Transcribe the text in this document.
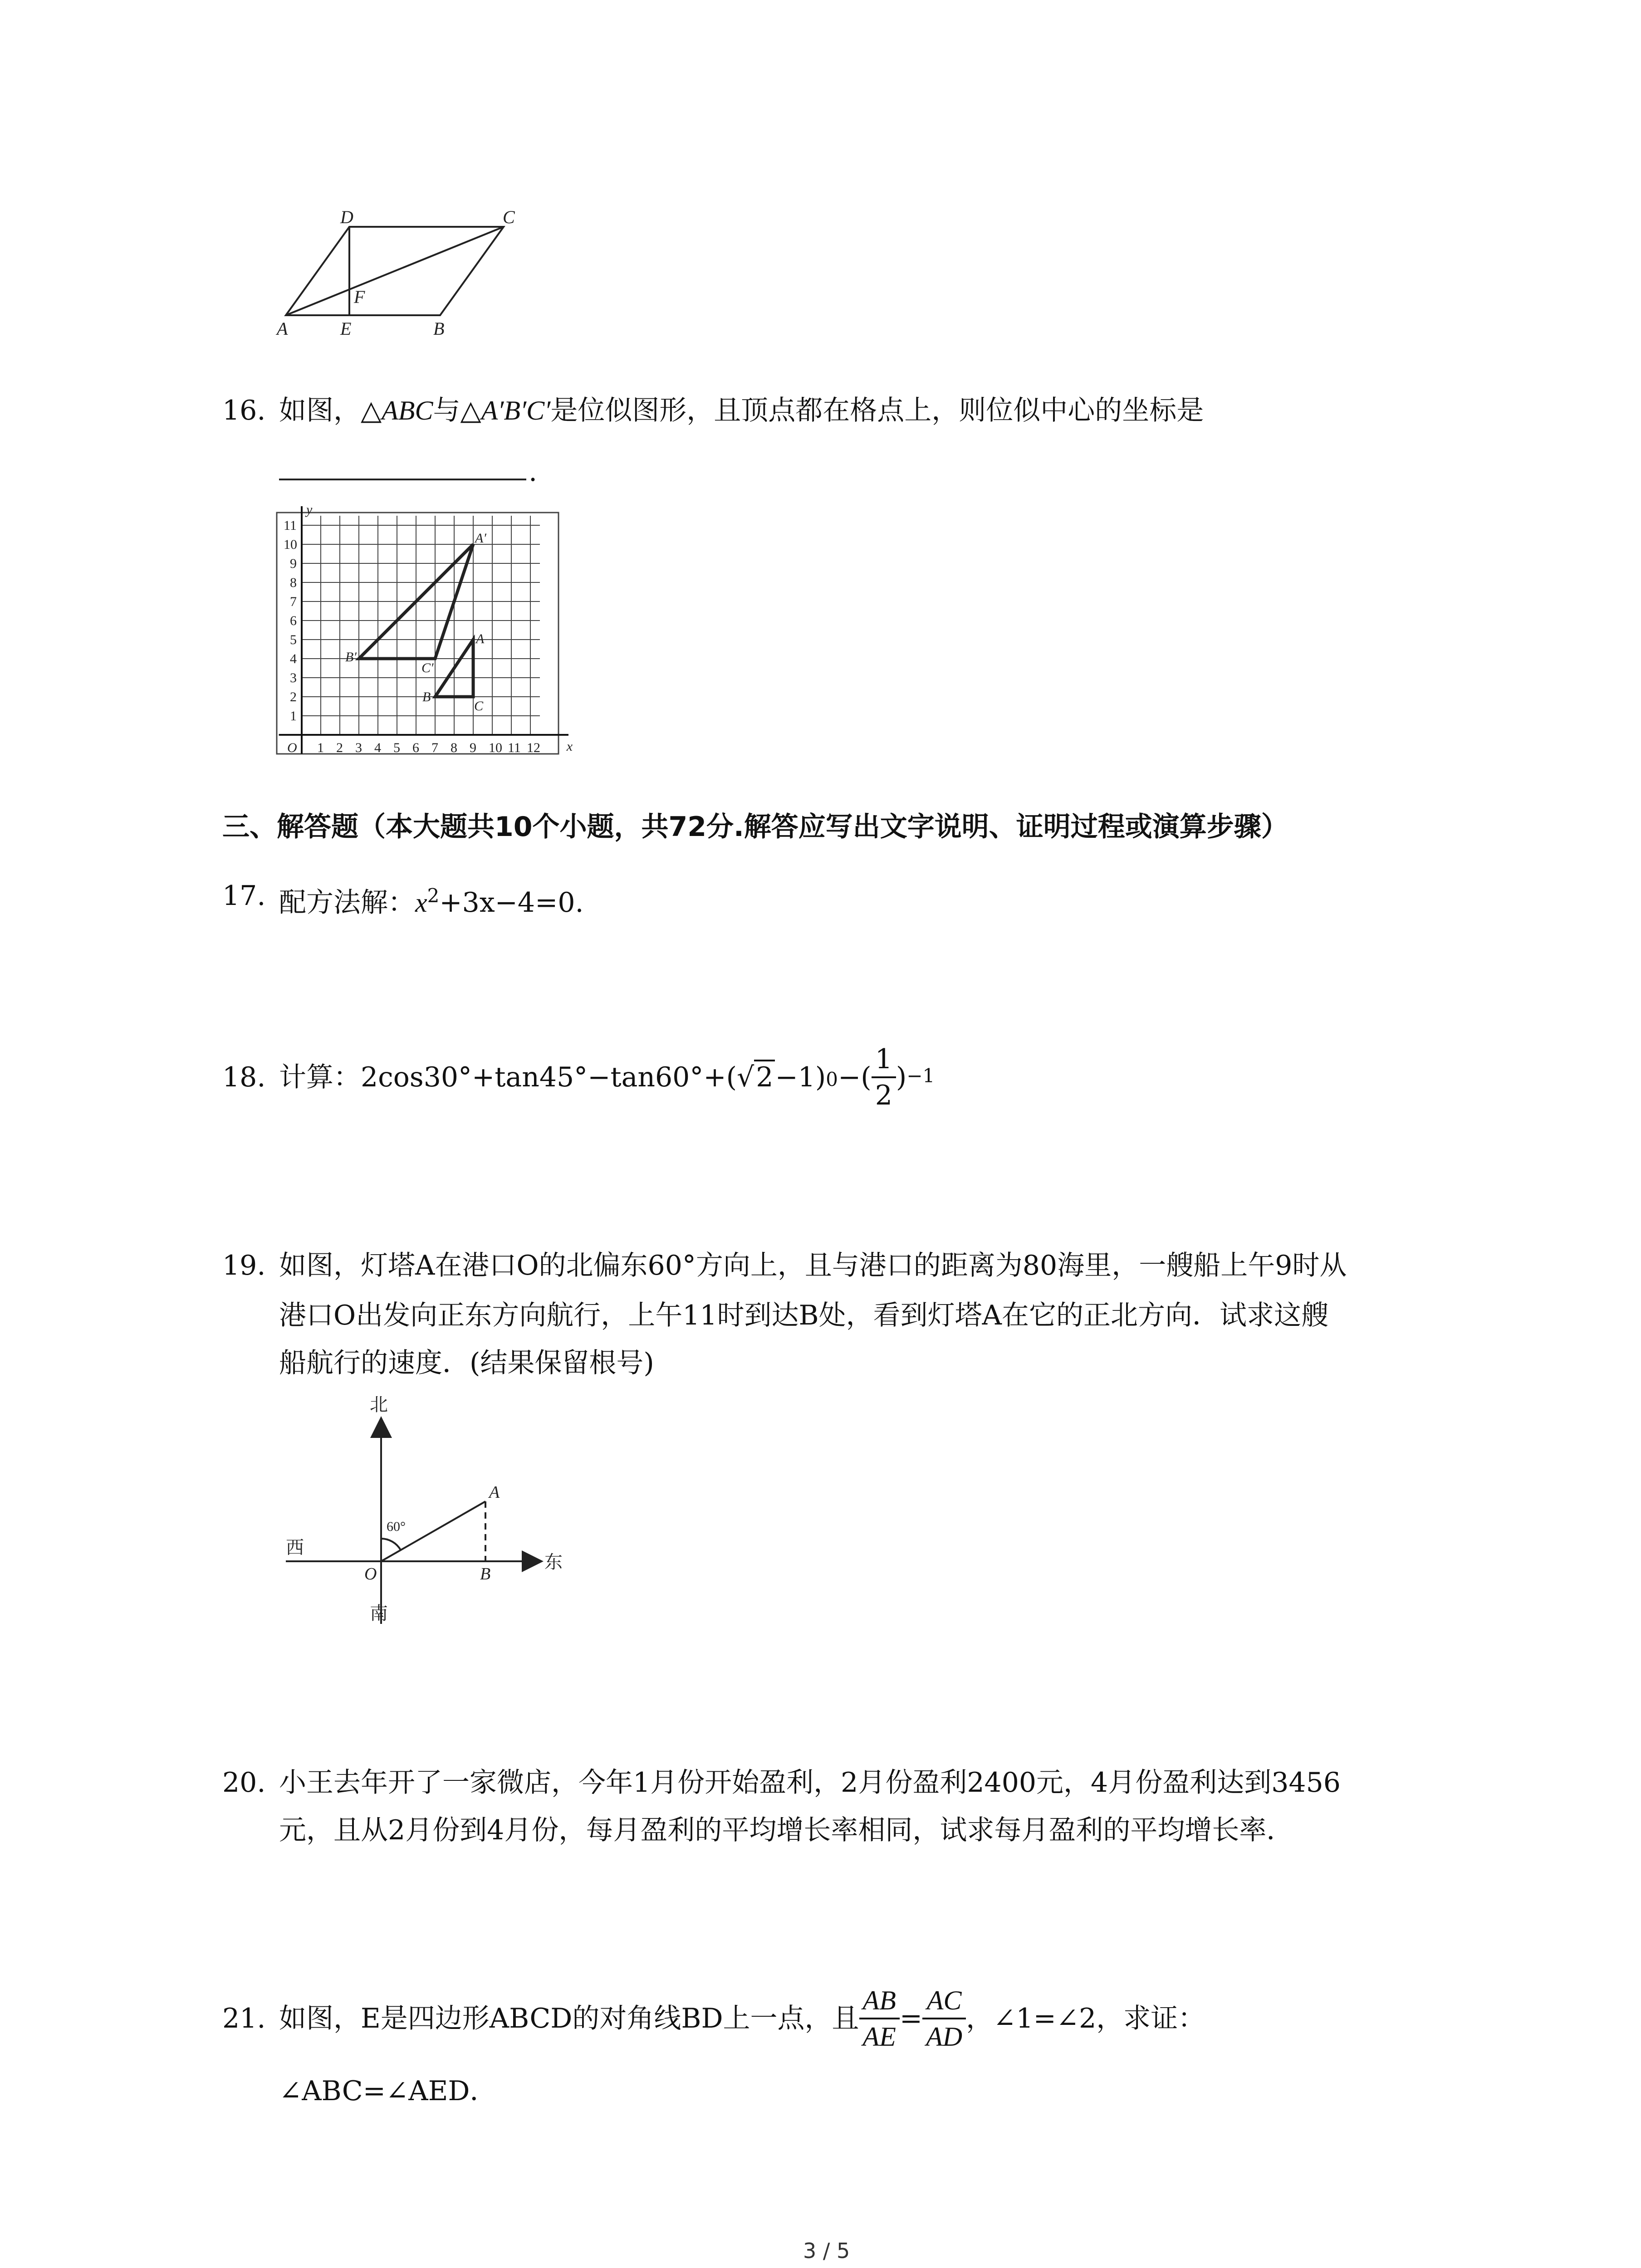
D	C
F
A	E	B
16. 如图，△ABC与△A′B′C′是位似图形，且顶点都在格点上，则位似中心的坐标是
.
1 2 3 4 5 6 7 8 9 10 11 12
1
2
3
4
5
6
7
8
9
10
11
O
y
x
A′
B′
C′
A
B
C
三、解答题（本大题共10个小题，共72分.解答应写出文字说明、证明过程或演算步骤）
17. 配方法解：$x^2+3x-4=0$.
18. 计算： 2cos30°+tan45°−tan60°+( √2 −1) 0 −( $\frac{1}{2}$ ) −1
19. 如图，灯塔A在港口O的北偏东60°方向上，且与港口的距离为80海里，一艘船上午9时从
港口O出发向正东方向航行，上午11时到达B处，看到灯塔A在它的正北方向．试求这艘
船航行的速度．(结果保留根号)
北
南
西
东
60°
A
O	B
20. 小王去年开了一家微店，今年1月份开始盈利，2月份盈利2400元，4月份盈利达到3456
元，且从2月份到4月份，每月盈利的平均增长率相同，试求每月盈利的平均增长率．
21. 如图，E是四边形ABCD的对角线BD上一点，且 $\frac{AB}{AE} = \frac{AC}{AD}$ ，∠1=∠2，求证：
∠ABC=∠AED．
3 / 5
